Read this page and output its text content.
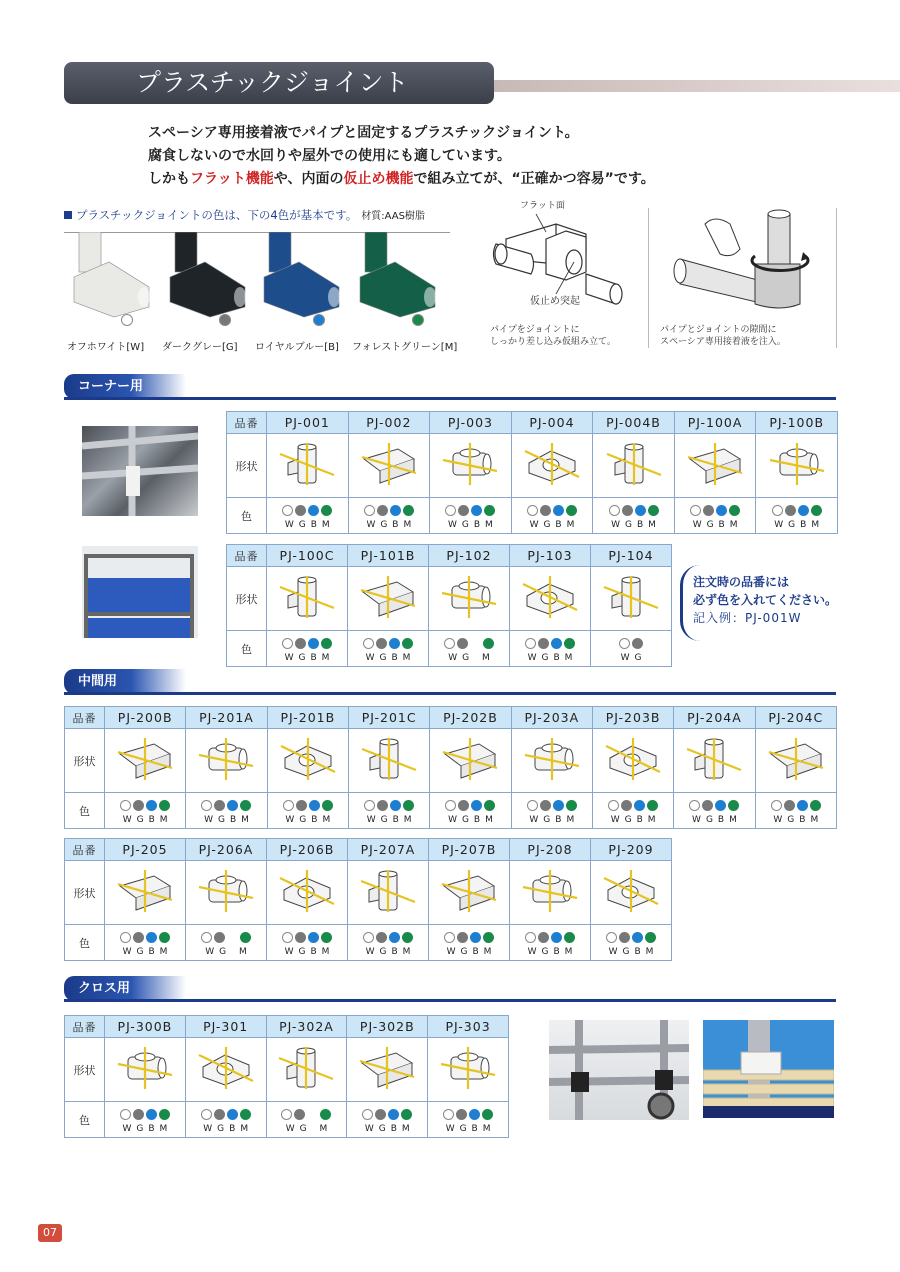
プラスチックジョイント
スペーシア専用接着液でパイプと固定するプラスチックジョイント。
腐食しないので水回りや屋外での使用にも適しています。
しかもフラット機能や、内面の仮止め機能で組み立てが、“正確かつ容易”です。
プラスチックジョイントの色は、下の4色が基本です。 材質:AAS樹脂
オフホワイト[W] ダークグレー[G] ロイヤルブルー[B] フォレストグリーン[M]
フラット面
仮止め突起
パイプをジョイントに
しっかり差し込み仮組み立て。
パイプとジョイントの隙間に
スペーシア専用接着液を注入。
コーナー用
品番	PJ-001	PJ-002	PJ-003	PJ-004	PJ-004B	PJ-100A	PJ-100B
形状							
色	WGBM	WGBM	WGBM	WGBM	WGBM	WGBM	WGBM
品番	PJ-100C	PJ-101B	PJ-102	PJ-103	PJ-104
形状					
色	WGBM	WGBM	WG M	WGBM	WG
注文時の品番には
必ず色を入れてください。
記入例：PJ-001W
中間用
品番	PJ-200B	PJ-201A	PJ-201B	PJ-201C	PJ-202B	PJ-203A	PJ-203B	PJ-204A	PJ-204C
形状									
色	WGBM	WGBM	WGBM	WGBM	WGBM	WGBM	WGBM	WGBM	WGBM
品番	PJ-205	PJ-206A	PJ-206B	PJ-207A	PJ-207B	PJ-208	PJ-209
形状							
色	WGBM	WG M	WGBM	WGBM	WGBM	WGBM	WGBM
クロス用
品番	PJ-300B	PJ-301	PJ-302A	PJ-302B	PJ-303
形状					
色	WGBM	WGBM	WG M	WGBM	WGBM
07
